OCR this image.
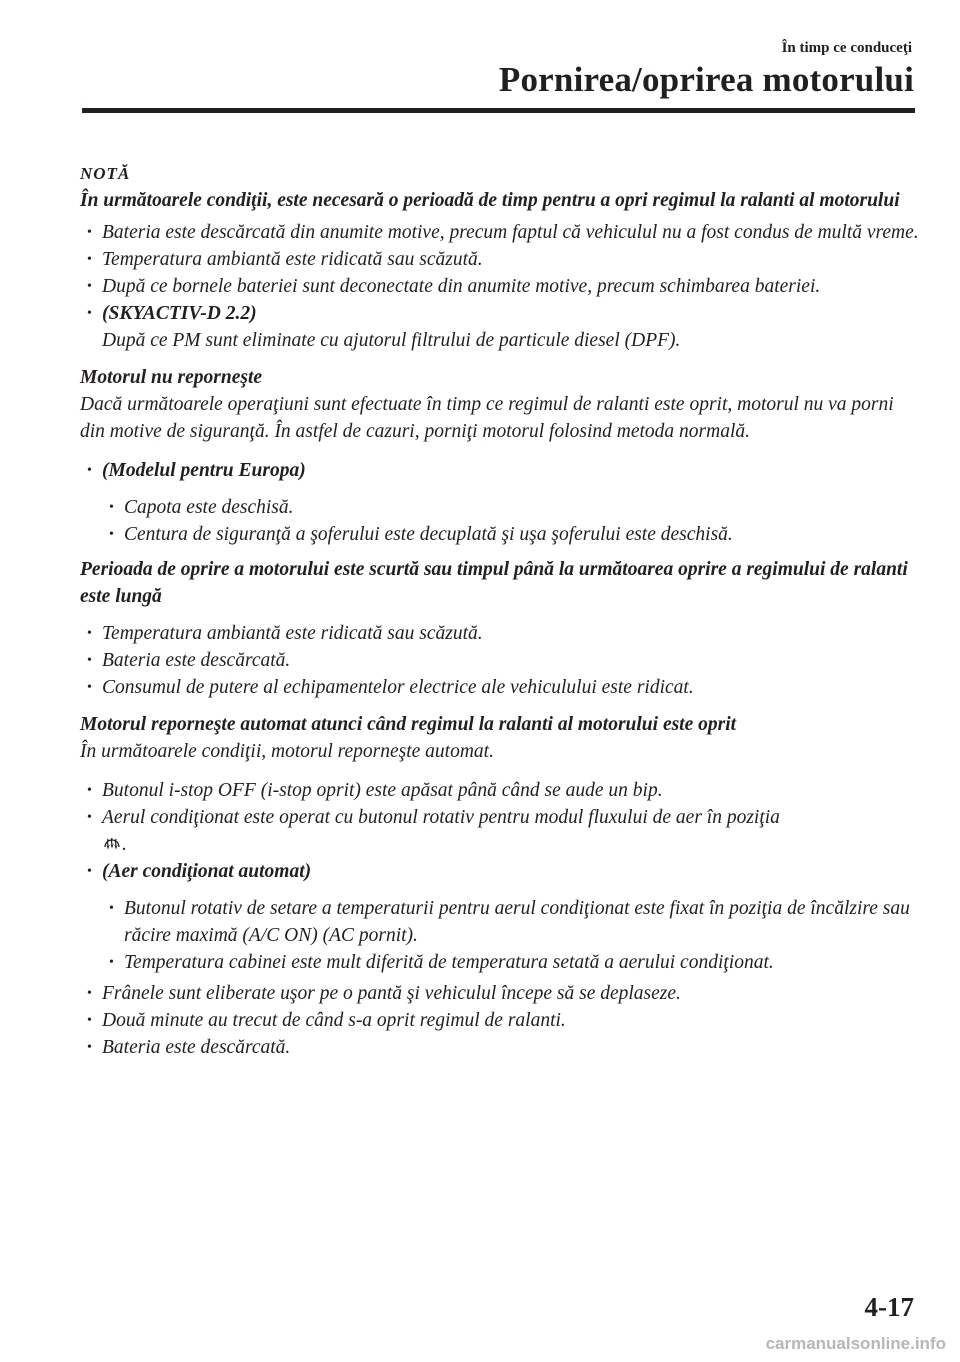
În timp ce conduceţi
Pornirea/oprirea motorului
NOTĂ
În următoarele condiţii, este necesară o perioadă de timp pentru a opri regimul la ralanti al motorului
• Bateria este descărcată din anumite motive, precum faptul că vehiculul nu a fost condus de multă vreme.
• Temperatura ambiantă este ridicată sau scăzută.
• După ce bornele bateriei sunt deconectate din anumite motive, precum schimbarea bateriei.
• (SKYACTIV-D 2.2)
După ce PM sunt eliminate cu ajutorul filtrului de particule diesel (DPF).
Motorul nu reporneşte
Dacă următoarele operaţiuni sunt efectuate în timp ce regimul de ralanti este oprit, motorul nu va porni din motive de siguranţă. În astfel de cazuri, porniţi motorul folosind metoda normală.
• (Modelul pentru Europa)
• Capota este deschisă.
• Centura de siguranţă a şoferului este decuplată şi uşa şoferului este deschisă.
Perioada de oprire a motorului este scurtă sau timpul până la următoarea oprire a regimului de ralanti este lungă
• Temperatura ambiantă este ridicată sau scăzută.
• Bateria este descărcată.
• Consumul de putere al echipamentelor electrice ale vehiculului este ridicat.
Motorul reporneşte automat atunci când regimul la ralanti al motorului este oprit
În următoarele condiţii, motorul reporneşte automat.
• Butonul i-stop OFF (i-stop oprit) este apăsat până când se aude un bip.
• Aerul condiţionat este operat cu butonul rotativ pentru modul fluxului de aer în poziţia
.
• (Aer condiţionat automat)
• Butonul rotativ de setare a temperaturii pentru aerul condiţionat este fixat în poziţia de încălzire sau răcire maximă (A/C ON) (AC pornit).
• Temperatura cabinei este mult diferită de temperatura setată a aerului condiţionat.
• Frânele sunt eliberate uşor pe o pantă şi vehiculul începe să se deplaseze.
• Două minute au trecut de când s-a oprit regimul de ralanti.
• Bateria este descărcată.
4-17
carmanualsonline.info
